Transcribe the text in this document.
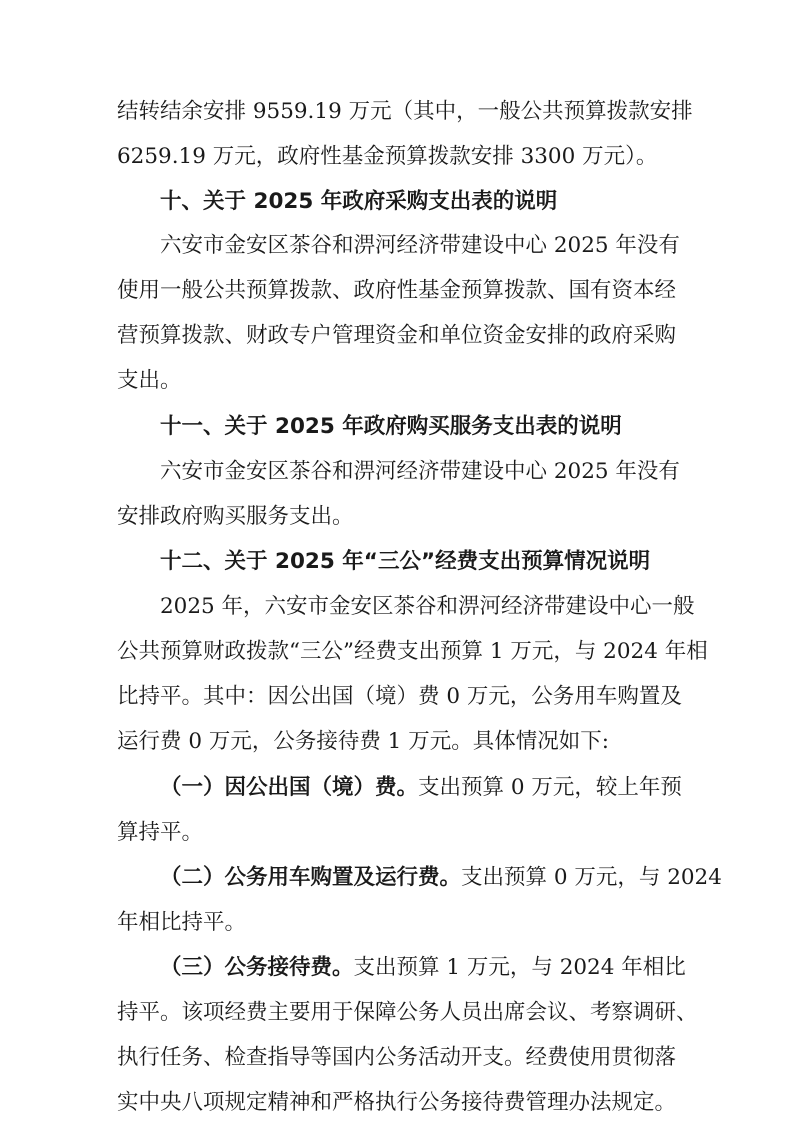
结转结余安排 9559.19 万元（其中，一般公共预算拨款安排
6259.19 万元，政府性基金预算拨款安排 3300 万元）。
十、关于 2025 年政府采购支出表的说明
六安市金安区茶谷和淠河经济带建设中心 2025 年没有
使用一般公共预算拨款、政府性基金预算拨款、国有资本经
营预算拨款、财政专户管理资金和单位资金安排的政府采购
支出。
十一、关于 2025 年政府购买服务支出表的说明
六安市金安区茶谷和淠河经济带建设中心 2025 年没有
安排政府购买服务支出。
十二、关于 2025 年“三公”经费支出预算情况说明
2025 年，六安市金安区茶谷和淠河经济带建设中心一般
公共预算财政拨款“三公”经费支出预算 1 万元，与 2024 年相
比持平。其中：因公出国（境）费 0 万元，公务用车购置及
运行费 0 万元，公务接待费 1 万元。具体情况如下:
（一）因公出国（境）费。支出预算 0 万元，较上年预
算持平。
（二）公务用车购置及运行费。支出预算 0 万元，与 2024
年相比持平。
（三）公务接待费。支出预算 1 万元，与 2024 年相比
持平。该项经费主要用于保障公务人员出席会议、考察调研、
执行任务、检查指导等国内公务活动开支。经费使用贯彻落
实中央八项规定精神和严格执行公务接待费管理办法规定。
